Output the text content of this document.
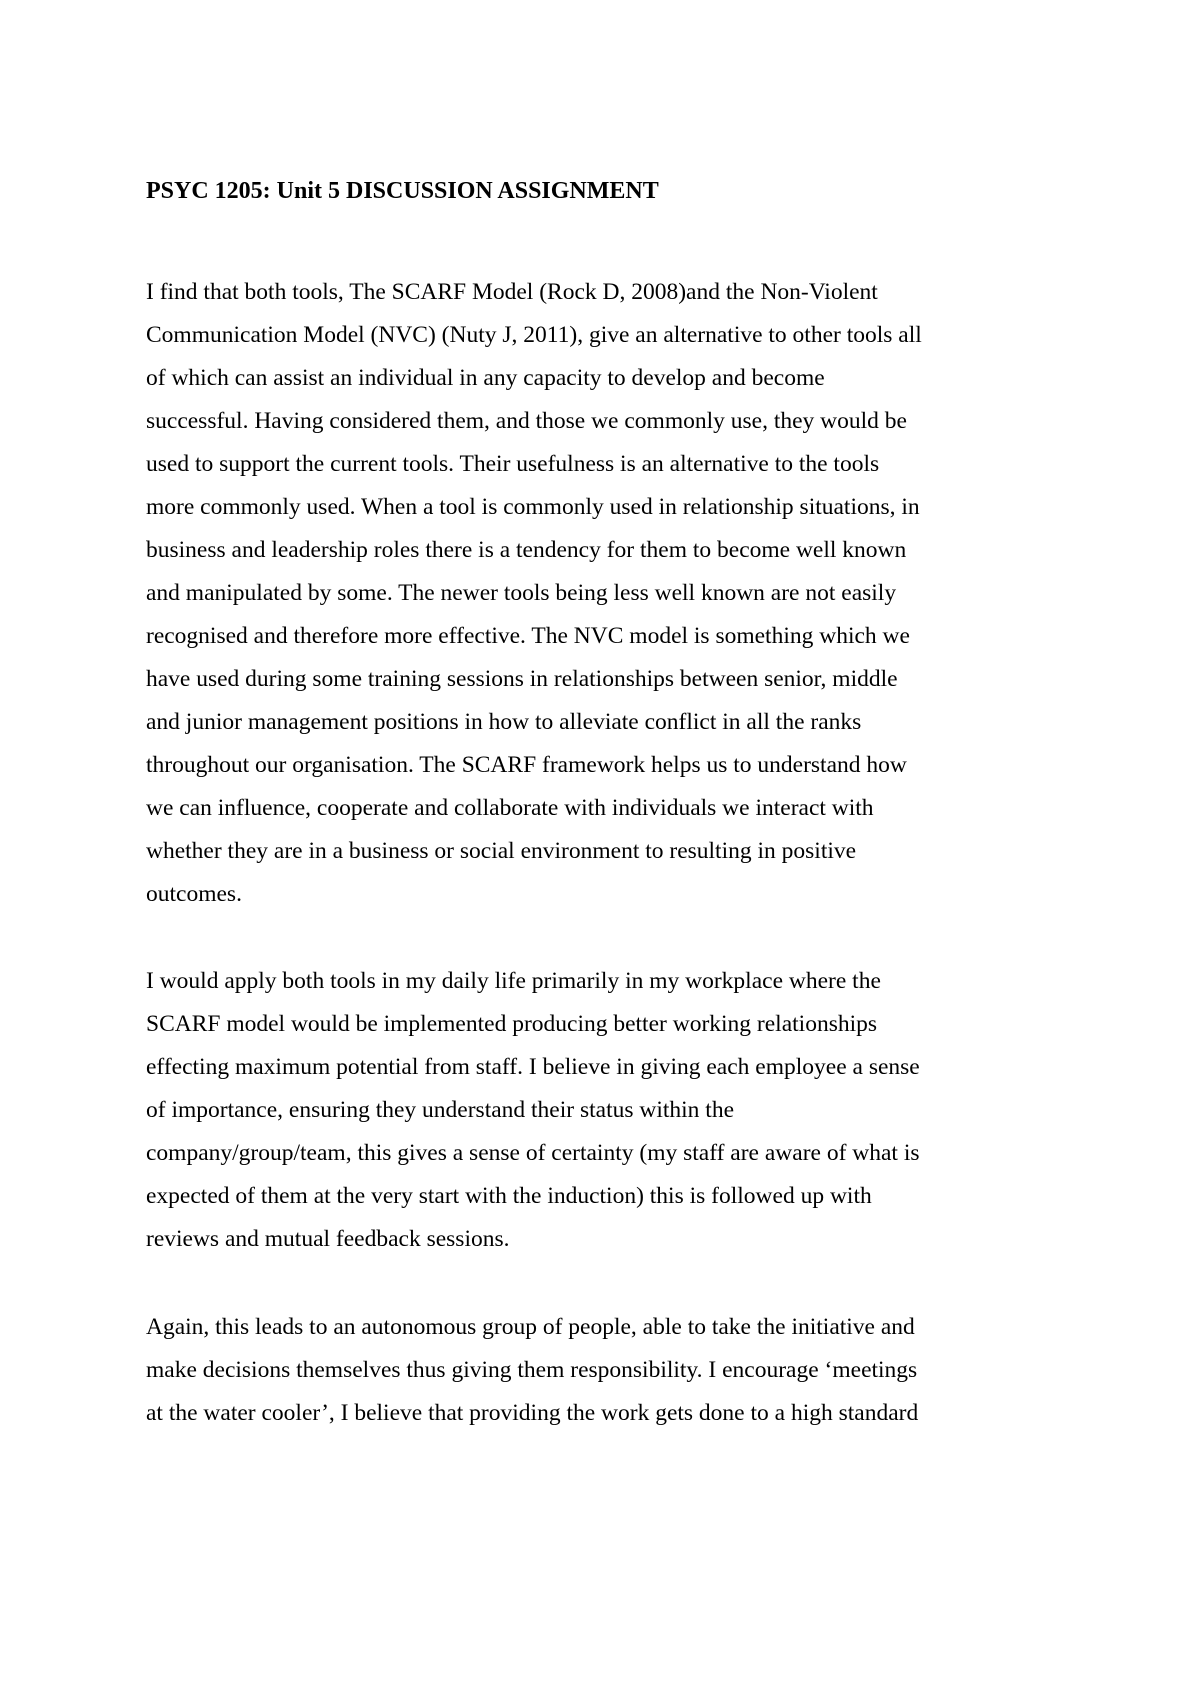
PSYC 1205: Unit 5 DISCUSSION ASSIGNMENT

I find that both tools, The SCARF Model (Rock D, 2008)and the Non-Violent

Communication Model (NVC) (Nuty J, 2011), give an alternative to other tools all

of which can assist an individual in any capacity to develop and become

successful. Having considered them, and those we commonly use, they would be

used to support the current tools. Their usefulness is an alternative to the tools

more commonly used. When a tool is commonly used in relationship situations, in

business and leadership roles there is a tendency for them to become well known

and manipulated by some. The newer tools being less well known are not easily

recognised and therefore more effective. The NVC model is something which we

have used during some training sessions in relationships between senior, middle

and junior management positions in how to alleviate conflict in all the ranks

throughout our organisation. The SCARF framework helps us to understand how

we can influence, cooperate and collaborate with individuals we interact with

whether they are in a business or social environment to resulting in positive

outcomes.

I would apply both tools in my daily life primarily in my workplace where the

SCARF model would be implemented producing better working relationships

effecting maximum potential from staff. I believe in giving each employee a sense

of importance, ensuring they understand their status within the

company/group/team, this gives a sense of certainty (my staff are aware of what is

expected of them at the very start with the induction) this is followed up with

reviews and mutual feedback sessions.

Again, this leads to an autonomous group of people, able to take the initiative and

make decisions themselves thus giving them responsibility. I encourage ‘meetings

at the water cooler’, I believe that providing the work gets done to a high standard
